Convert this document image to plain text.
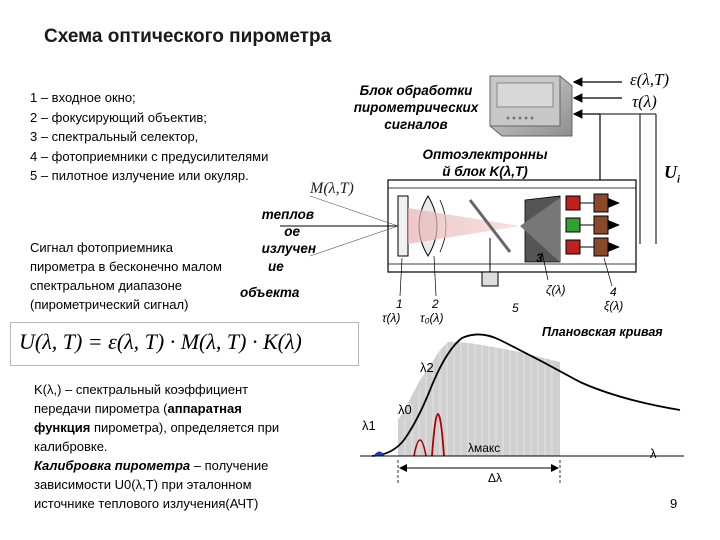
Схема оптического пирометра
1 – входное окно;
2 – фокусирующий объектив;
3 – спектральный селектор,
4 – фотоприемники с предусилителями
5 – пилотное излучение или окуляр.
Блок обработки
пирометрических
сигналов
Оптоэлектронны
й блок K(λ,T)
ε(λ,T)
τ(λ)
$U_i$
M(λ,T)
теплов
ое
излучен
ие
объекта
Сигнал фотоприемника
пирометра в бесконечно малом
спектральном диапазоне
(пирометрический сигнал)
U(λ, T) = ε(λ, T) · M(λ, T) · K(λ)
K(λ,) – спектральный коэффициент
передачи пирометра (аппаратная
функция пирометра), определяется при
калибровке.
Калибровка пирометра – получение
зависимости U0(λ,T) при эталонном
источнике теплового излучения(АЧТ)
1
τ(λ)
2
τ₀(λ)
3
5
ζ(λ)	4
ξ(λ)
Плановская кривая
λ2
λ0
λ1
λмакс	λ
Δλ
9
